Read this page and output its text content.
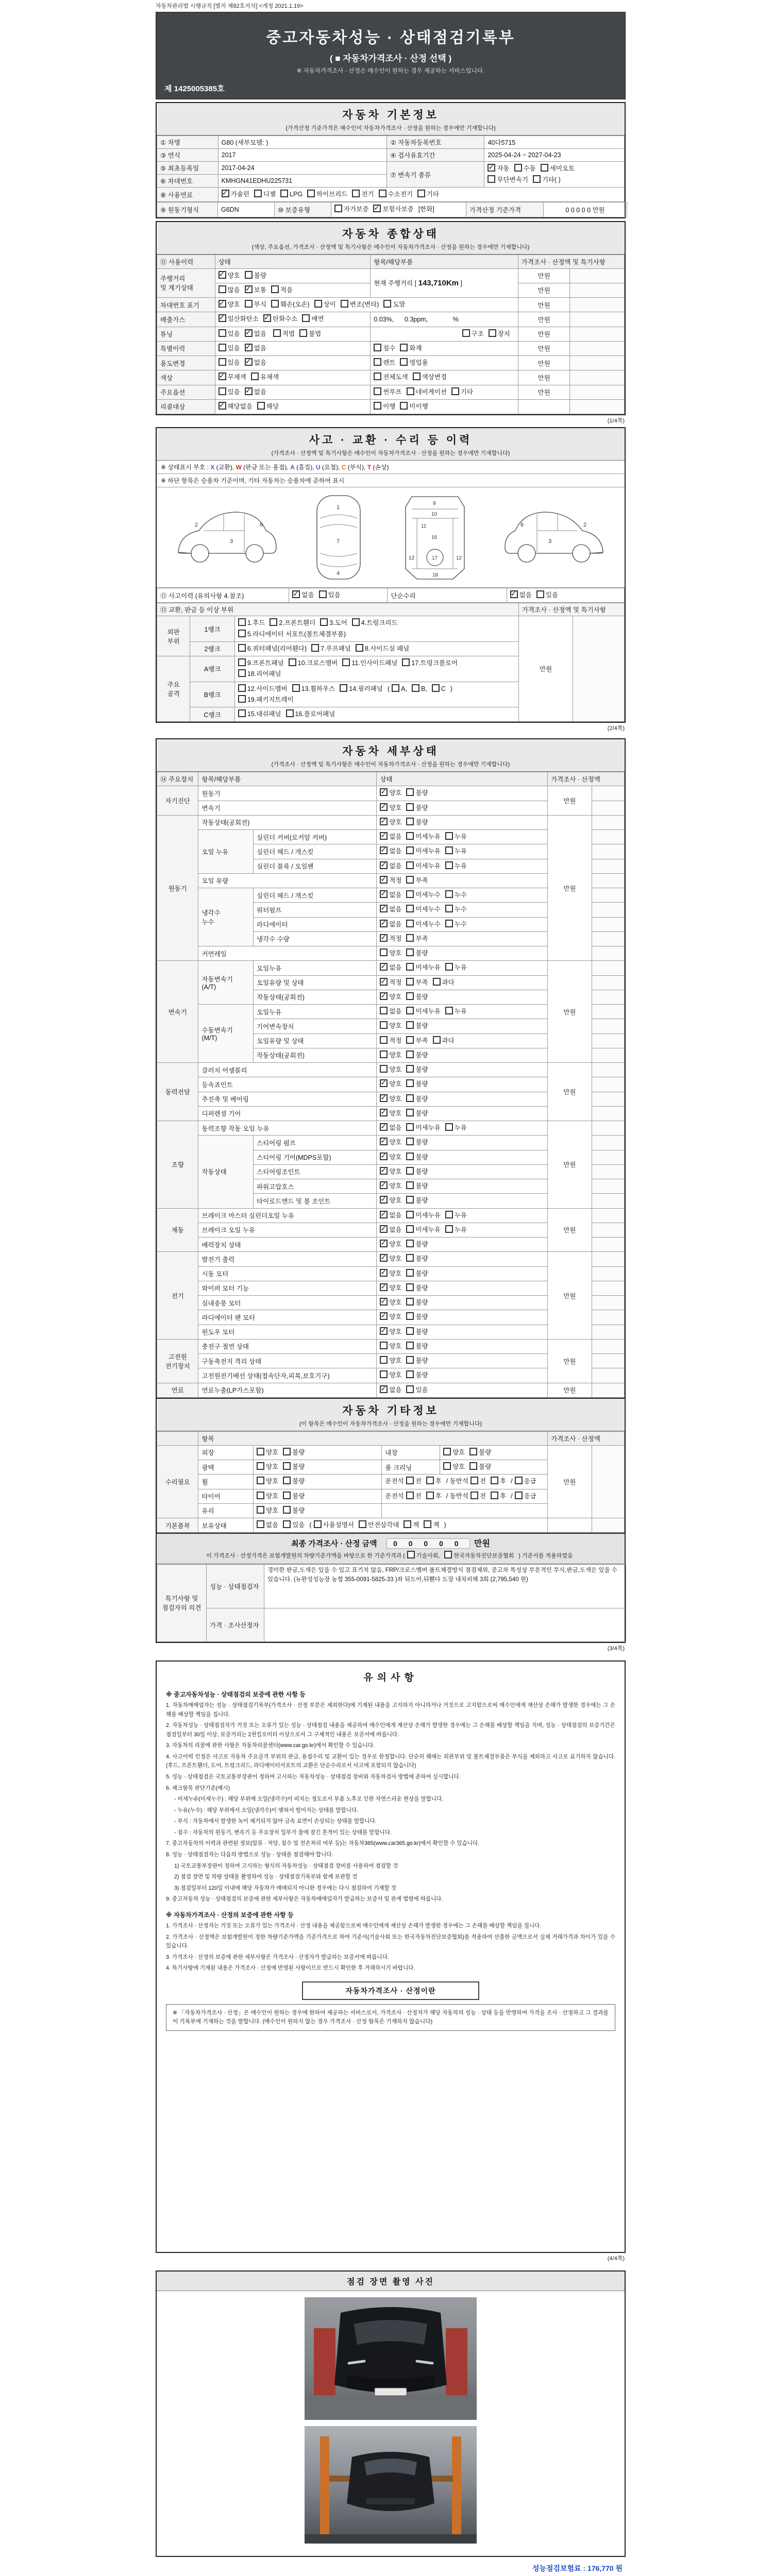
자동차관리법 시행규칙 [별지 제82호서식] <개정 2021.1.19>
중고자동차성능 · 상태점검기록부
( ■ 자동차가격조사 · 산정 선택 )
※ 자동차가격조사 · 산정은 매수인이 원하는 경우 제공하는 서비스입니다.
제 1425005385호
자동차 기본정보
(가격산정 기준가격은 매수인이 자동차가격조사 · 산정을 원하는 경우에만 기재합니다)
① 차명	G80 (세부모델: )	② 자동차등록번호	40다5715
③ 연식	2017	④ 검사유효기간	2025-04-24 ~ 2027-04-23
⑤ 최초등록일	2017-04-24	⑦ 변속기 종류	✓자동 수동 세미오토
무단변속기 기타( )
⑥ 차대번호	KMHGN41EDHU225731		
⑧ 사용연료	✓가솔린 디젤 LPG 하이브리드 전기 수소전기 기타
⑨ 원동기형식	G6DN	⑩ 보증유형	자가보증 ✓ 보험사보증 [한화]	가격산정 기준가격	0 0 0 0 0 만원
자동차 종합상태
(색상, 주요옵션, 가격조사 · 산정액 및 특기사항은 매수인이 자동차가격조사 · 산정을 원하는 경우에만 기재합니다)
⑪ 사용이력	상태	항목/해당부품	가격조사 · 산정액 및 특기사항	
주행거리
및 계기상태	✓양호 불량	현재 주행거리 [ 143,710Km ]	만원	
	많음 ✓ 보통 적음		만원	
차대번호 표기	✓양호 부식 훼손(오손) 상이 변조(변타) 도말		만원	
배출가스	✓일산화탄소 ✓ 탄화수소 매연	0.03%,      0.3ppm,              %	만원	
튜닝	있음 ✓ 없음 적법 불법	구조 장치	만원	
특별이력	있음 ✓ 없음	침수 화재	만원	
용도변경	있음 ✓ 없음	렌트 영업용	만원	
색상	✓무채색 유채색	전체도색 색상변경	만원	
주요옵션	있음 ✓ 없음	썬루프 네비게이션 기타	만원	
리콜대상	✓해당없음 해당	이행 미이행		
(1/4쪽)
사고 · 교환 · 수리 등 이력
(가격조사 · 산정액 및 특기사항은 매수인이 자동차가격조사 · 산정을 원하는 경우에만 기재합니다)
※ 상태표시 부호 : X (교환), W (판금 또는 용접), A (흠집), U (요철), C (부식), T (손상)
※ 하단 항목은 승용차 기준이며, 기타 자동차는 승용차에 준하여 표시
2
3
6
1
7
4
9
10
11
16
12	17	12
18
6
3
2
⑫ 사고이력 (유의사항 4.참조)	✓없음 있음	단순수리	✓없음 있음
⑬ 교환, 판금 등 이상 부위			가격조사 · 산정액 및 특기사항	
외판
부위	1랭크	1.후드 2.프론트휀더 3.도어 4.트렁크리드
5.라디에이터 서포트(볼트체결부품)	만원	
	2랭크	6.쿼터패널(리어휀다) 7.루프패널 8.사이드실 패널		
주요
골격	A랭크	9.프론트패널 10.크로스멤버 11.인사이드패널 17.트렁크플로어
18.리어패널		
	B랭크	12.사이드멤버 13.휠하우스 14.필러패널 ( A, B, C )
19.패키지트레이		
	C랭크	15.대쉬패널 16.플로어패널		
(2/4쪽)
자동차 세부상태
(가격조사 · 산정액 및 특기사항은 매수인이 자동차가격조사 · 산정을 원하는 경우에만 기재합니다)
⑭ 주요장치	항목/해당부품		상태	가격조사 · 산정액	
자기진단	원동기	✓양호 불량	만원	
	변속기	✓양호 불량	
원동기	작동상태(공회전)	✓양호 불량	만원	
	오일 누유	실린더 커버(로커암 커버)	✓없음 미세누유 누유	
		실린더 헤드 / 개스킷	✓없음 미세누유 누유	
		실린더 블록 / 오일팬	✓없음 미세누유 누유	
	오일 유량	✓적정 부족	
	냉각수
누수	실린더 헤드 / 개스킷	✓없음 미세누수 누수	
		워터펌프	✓없음 미세누수 누수	
		라디에이터	✓없음 미세누수 누수	
		냉각수 수량	✓적정 부족	
	커먼레일		양호 불량		
변속기	자동변속기
(A/T)	오일누유	✓없음 미세누유 누유	만원	
		오일유량 및 상태	✓적정 부족 과다	
		작동상태(공회전)	✓양호 불량	
	수동변속기
(M/T)	오일누유	없음 미세누유 누유		
		기어변속장치	양호 불량		
		오일유량 및 상태	적정 부족 과다		
		작동상태(공회전)	양호 불량		
동력전달	클러치 어셈블리		양호 불량	만원	
	등속죠인트	✓양호 불량	
	추진축 및 베어링	✓양호 불량	
	디퍼렌셜 기어	✓양호 불량	
조향	동력조향 작동 오일 누유	✓없음 미세누유 누유	만원	
	작동상태	스티어링 펌프	✓양호 불량	
		스티어링 기어(MDPS포함)	✓양호 불량	
		스티어링조인트	✓양호 불량	
		파워고압호스	✓양호 불량	
		타이로드엔드 및 볼 조인트	✓양호 불량	
제동	브레이크 마스터 실린더오일 누유	✓없음 미세누유 누유	만원	
	브레이크 오일 누유	✓없음 미세누유 누유	
	배력장치 상태	✓양호 불량	
전기	발전기 출력	✓양호 불량	만원	
	시동 모터	✓양호 불량	
	와이퍼 모터 기능	✓양호 불량	
	실내송풍 모터	✓양호 불량	
	라디에이터 팬 모터	✓양호 불량	
	윈도우 모터	✓양호 불량	
고전원
전기장치	충전구 절연 상태		양호 불량	만원	
	구동축전지 격리 상태		양호 불량		
	고전원전기배선 상태(접속단자,피복,보호기구)		양호 불량		
연료	연료누출(LP가스포함)	✓없음 있음	만원	
자동차 기타정보
(이 항목은 매수인이 자동차가격조사 · 산정을 원하는 경우에만 기재합니다)
	항목				가격조사 · 산정액	
수리필요	외장	양호 불량	내장	양호 불량	만원	
	광택	양호 불량	룸 크리닝	양호 불량		
	휠	양호 불량	운전석 전 후 / 동반석 전 후 / 응급			
	타이어	양호 불량	운전석 전 후 / 동반석 전 후 / 응급			
	유리	양호 불량				
기본품목	보유상태	없음 있음 ( 사용설명서 안전삼각대 잭 잭 )				
최종 가격조사 · 산정 금액 0 0 0 0 0 만원
이 가격조사 · 산정가격은 보험개발원의 차량기준가액을 바탕으로 한 기준가격과 ( 기술사회, 한국자동차진단보증협회 ) 기준서를 적용하였음
특기사항 및
점검자의 의견	성능 · 상태점검자	경미한 판금,도색은 있을 수 있고 표기치 않음, FRP/크로스멤버 볼트체결방식 점검제외, 중고차 특성상 부분적인 부식,판금,도색은 있을 수 있습니다. (뉴완성성능장 농협 355-0091-5825-33 )좌 뒤도어,뒤휀다 도장 내차피해 3회 (2,795,540 원)
	가격 · 조사산정자	
(3/4쪽)
유의사항
※ 중고자동차성능 · 상태점검의 보증에 관한 사항 등
1. 자동차매매업자는 성능 · 상태점검기록부(가격조사 · 산정 부분은 제외한다)에 기재된 내용을 고지하지 아니하거나 거짓으로 고지함으로써 매수인에게 재산상 손해가 발생한 경우에는 그 손해를 배상할 책임을 집니다.
2. 자동차성능 · 상태점검자가 거짓 또는 오류가 있는 성능 · 상태점검 내용을 제공하여 매수인에게 재산상 손해가 발생한 경우에는 그 손해를 배상할 책임을 지며, 성능 · 상태점검의 보증기간은 점검일부터 30일 이상, 보증거리는 2천킬로미터 이상으로서 그 구체적인 내용은 보증서에 따릅니다.
3. 자동차의 리콜에 관한 사항은 자동차리콜센터(www.car.go.kr)에서 확인할 수 있습니다.
4. 사고이력 인정은 사고로 자동차 주요골격 부위의 판금, 용접수리 및 교환이 있는 경우로 한정합니다. 단순히 꿰매는 외판부위 및 볼트체결부품은 부식을 제외하고 사고로 표기하지 않습니다. (후드, 프론트휀더, 도어, 트렁크리드, 라디에이터서포트의 교환은 단순수리로서 사고에 포함되지 않습니다)
5. 성능 · 상태점검은 국토교통부장관이 정하여 고시하는 자동차성능 · 상태점검 장비와 자동차검사 방법에 준하여 실시합니다.
6. 체크항목 판단기준(예시)
- 미세누유(미세누수) : 해당 부위에 오일(냉각수)이 비치는 정도로서 부품 노후로 인한 자연스러운 현상을 말합니다.
- 누유(누수) : 해당 부위에서 오일(냉각수)이 맺혀서 떨어지는 상태를 말합니다.
- 부식 : 자동차에서 발생한 녹이 제거되지 않아 금속 표면이 손상되는 상태를 말합니다.
- 침수 : 자동차의 원동기, 변속기 등 주요장치 일부가 물에 잠긴 흔적이 있는 상태를 말합니다.
7. 중고자동차의 이력과 관련된 정보(압류 · 저당, 침수 및 전손처리 여부 등)는 자동차365(www.car365.go.kr)에서 확인할 수 있습니다.
8. 성능 · 상태점검자는 다음의 방법으로 성능 · 상태를 점검해야 합니다.
1) 국토교통부장관이 정하여 고시하는 형식의 자동차성능 · 상태점검 장비를 사용하여 점검할 것
2) 점검 장면 및 차량 상태를 촬영하여 성능 · 상태점검기록부와 함께 보관할 것
3) 점검일부터 120일 이내에 해당 자동차가 매매되지 아니한 경우에는 다시 점검하여 기재할 것
9. 중고자동차 성능 · 상태점검의 보증에 관한 세부사항은 자동차매매업자가 발급하는 보증서 및 관계 법령에 따릅니다.
※ 자동차가격조사 · 산정의 보증에 관한 사항 등
1. 가격조사 · 산정자는 거짓 또는 오류가 있는 가격조사 · 산정 내용을 제공함으로써 매수인에게 재산상 손해가 발생한 경우에는 그 손해를 배상할 책임을 집니다.
2. 가격조사 · 산정액은 보험개발원이 정한 차량기준가액을 기준가격으로 하여 기준서(기술사회 또는 한국자동차진단보증협회)를 적용하여 산출한 금액으로서 실제 거래가격과 차이가 있을 수 있습니다.
3. 가격조사 · 산정의 보증에 관한 세부사항은 가격조사 · 산정자가 발급하는 보증서에 따릅니다.
4. 특기사항에 기재된 내용은 가격조사 · 산정에 반영된 사항이므로 반드시 확인한 후 거래하시기 바랍니다.
자동차가격조사 · 산정이란
※ 「자동차가격조사 · 산정」은 매수인이 원하는 경우에 한하여 제공하는 서비스로서, 가격조사 · 산정자가 해당 자동차의 성능 · 상태 등을 반영하여 가격을 조사 · 산정하고 그 결과를 이 기록부에 기재하는 것을 말합니다. (매수인이 원하지 않는 경우 가격조사 · 산정 항목은 기재하지 않습니다)
(4/4쪽)
점검 장면 촬영 사진
성능점검보험료 : 176,770 원
